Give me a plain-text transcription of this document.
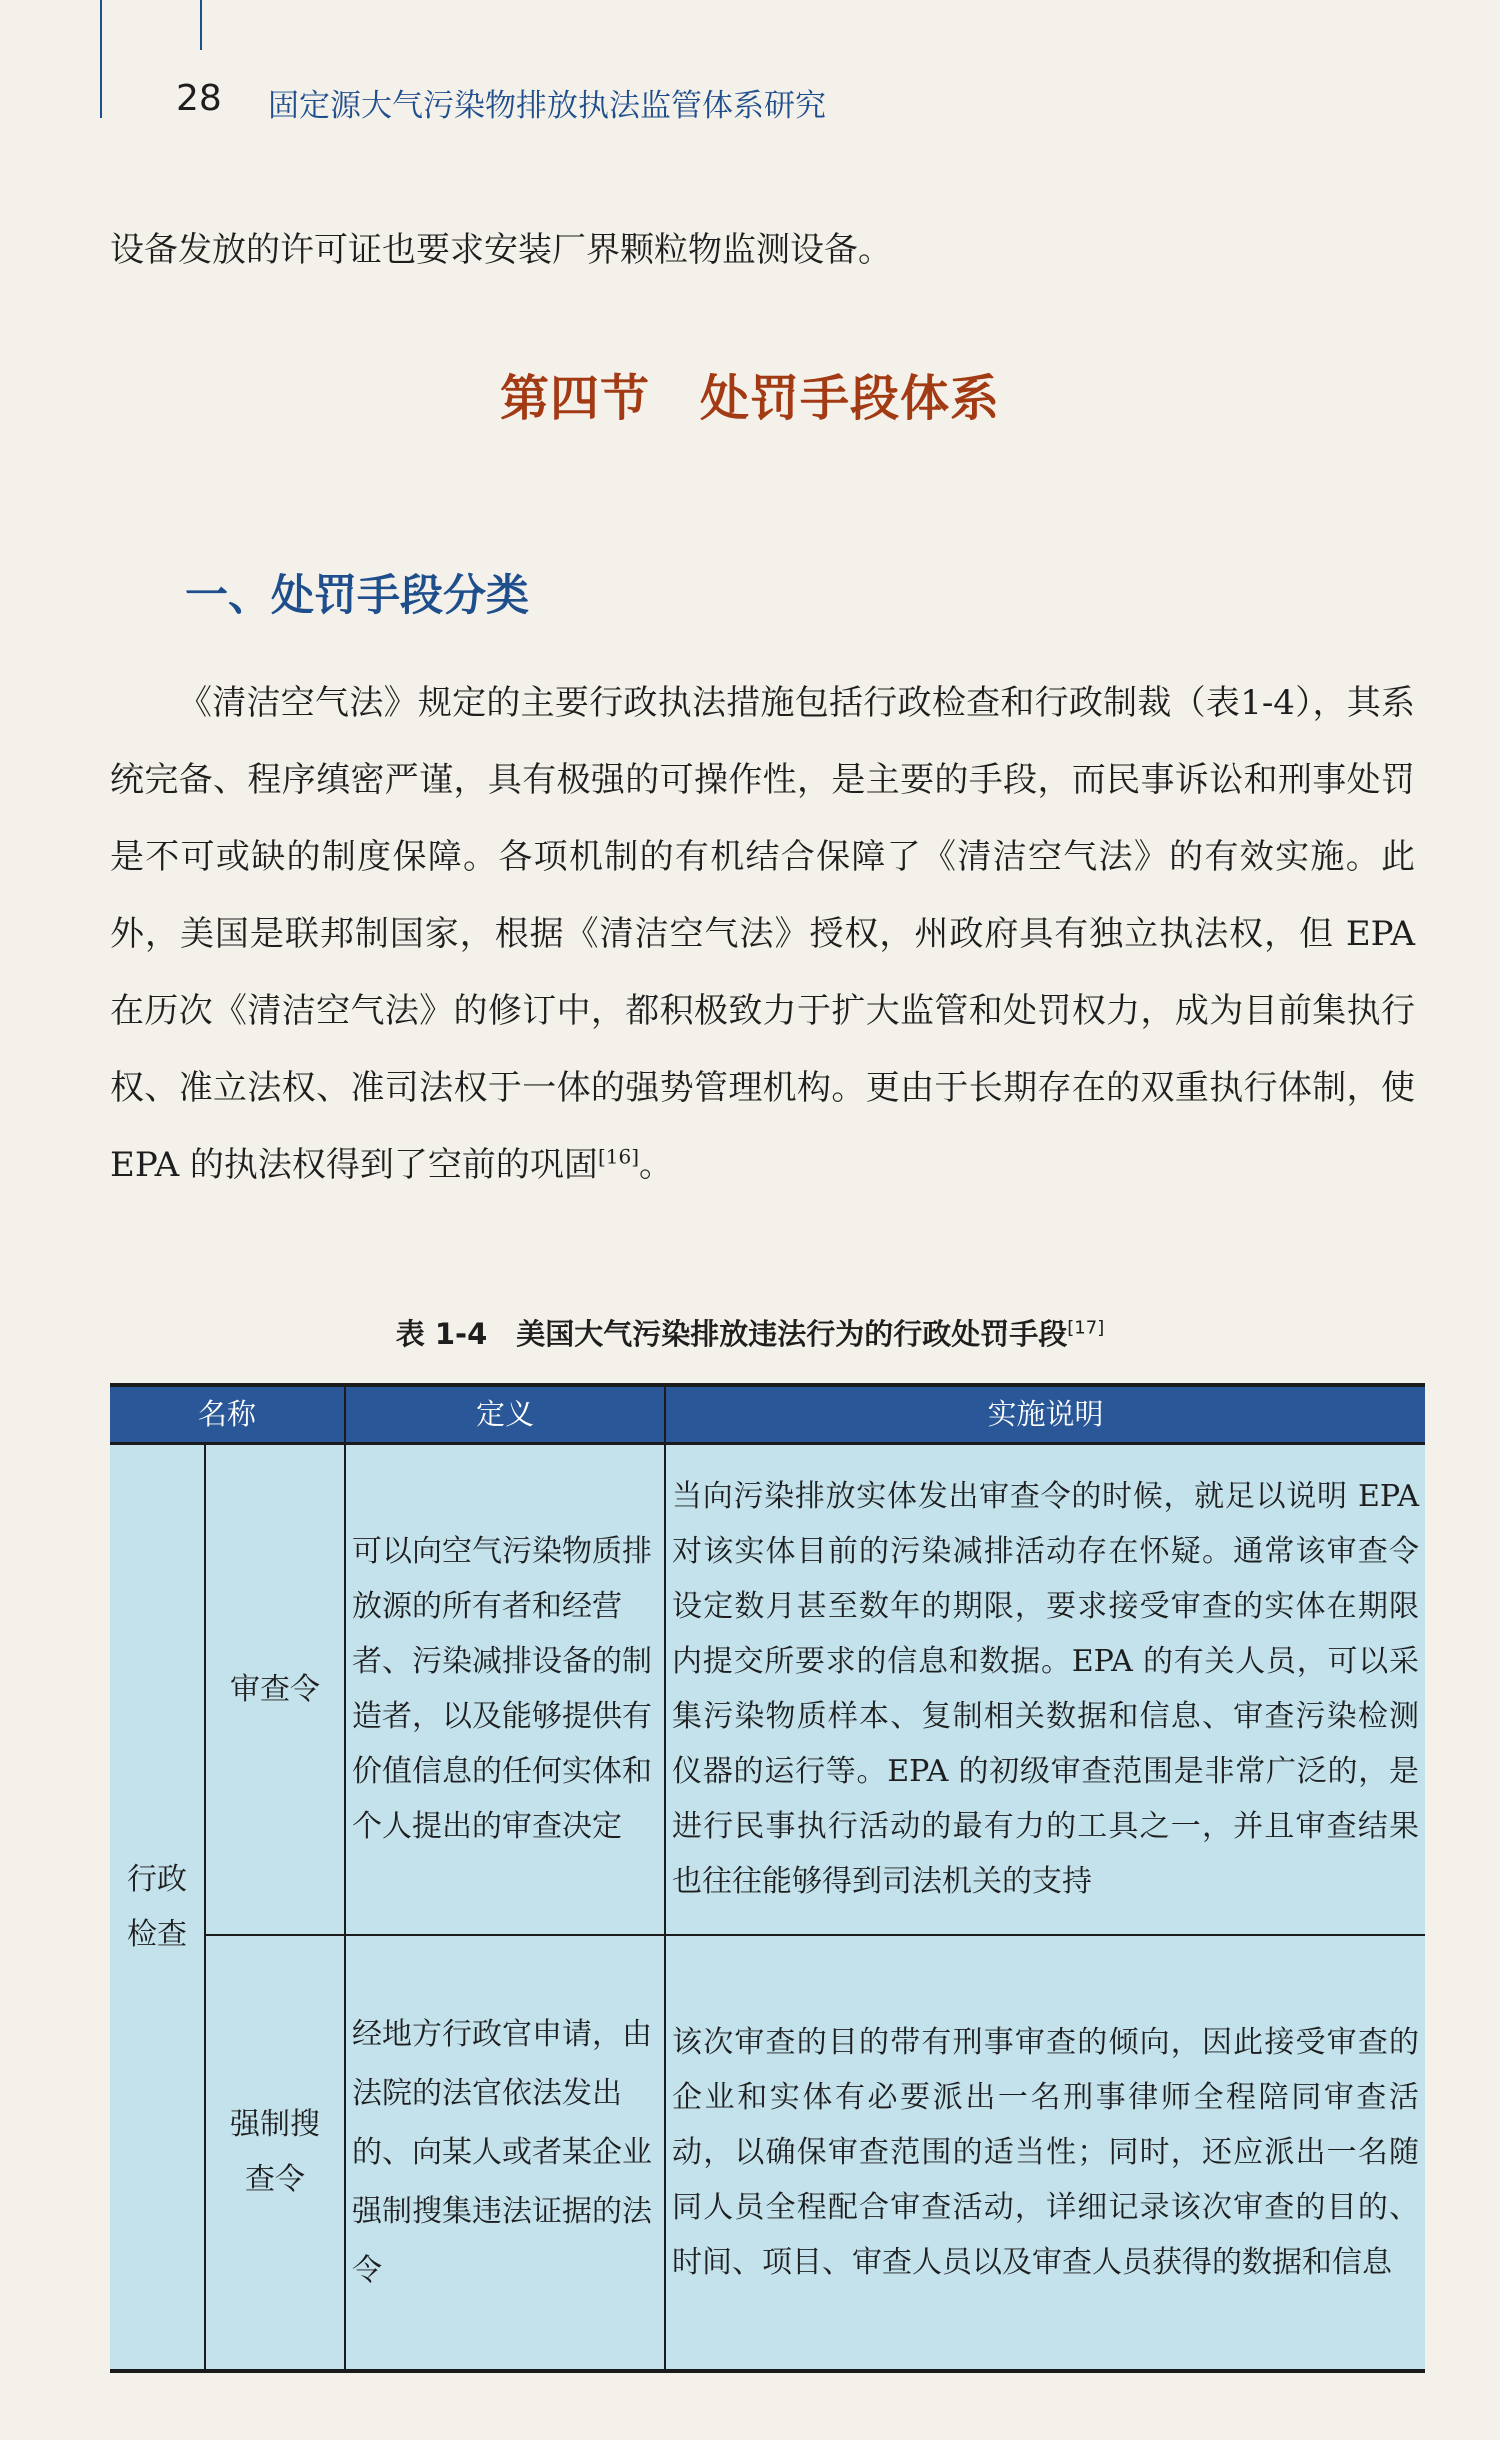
28 固定源大气污染物排放执法监管体系研究
设备发放的许可证也要求安装厂界颗粒物监测设备。
第四节　处罚手段体系
一、处罚手段分类
《清洁空气法》规定的主要行政执法措施包括行政检查和行政制裁（表1-4），其系统完备、程序缜密严谨，具有极强的可操作性，是主要的手段，而民事诉讼和刑事处罚是不可或缺的制度保障。各项机制的有机结合保障了《清洁空气法》的有效实施。此外，美国是联邦制国家，根据《清洁空气法》授权，州政府具有独立执法权，但 EPA 在历次《清洁空气法》的修订中，都积极致力于扩大监管和处罚权力，成为目前集执行权、准立法权、准司法权于一体的强势管理机构。更由于长期存在的双重执行体制，使 EPA 的执法权得到了空前的巩固[16]。
表 1-4　美国大气污染排放违法行为的行政处罚手段[17]
名称		定义	实施说明

行政检查	审查令	可以向空气污染物质排放源的所有者和经营者、污染减排设备的制造者，以及能够提供有价值信息的任何实体和个人提出的审查决定	当向污染排放实体发出审查令的时候，就足以说明 EPA 对该实体目前的污染减排活动存在怀疑。通常该审查令设定数月甚至数年的期限，要求接受审查的实体在期限内提交所要求的信息和数据。EPA 的有关人员，可以采集污染物质样本、复制相关数据和信息、审查污染检测仪器的运行等。EPA 的初级审查范围是非常广泛的，是进行民事执行活动的最有力的工具之一，并且审查结果也往往能够得到司法机关的支持

	强制搜查令	经地方行政官申请，由法院的法官依法发出的、向某人或者某企业强制搜集违法证据的法令	该次审查的目的带有刑事审查的倾向，因此接受审查的企业和实体有必要派出一名刑事律师全程陪同审查活动，以确保审查范围的适当性；同时，还应派出一名随同人员全程配合审查活动，详细记录该次审查的目的、时间、项目、审查人员以及审查人员获得的数据和信息
